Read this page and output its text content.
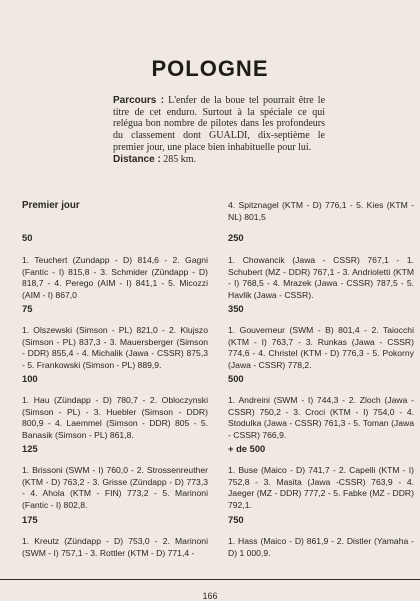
POLOGNE
Parcours : L'enfer de la boue tel pourrait être le titre de cet enduro. Surtout à la spéciale ce qui relégua bon nombre de pilotes dans les profondeurs du classement dont GUALDI, dix-septième le premier jour, une place bien inhabituelle pour lui.
Distance : 285 km.
Premier jour
50
1. Teuchert (Zundapp - D) 814,6 - 2. Gagni (Fantic - I) 815,8 - 3. Schmider (Zündapp - D) 818,7 - 4. Perego (AIM - I) 841,1 - 5. Micozzi (AIM - I) 867,0
75
1. Olszewski (Simson - PL) 821,0 - 2. Klujszo (Simson - PL) 837,3 - 3. Mauersberger (Simson - DDR) 855,4 - 4. Michalik (Jawa - CSSR) 875,3 - 5. Frankowski (Simson - PL) 889,9.
100
1. Hau (Zündapp - D) 780,7 - 2. Obloczynski (Simson - PL) - 3. Huebler (Simson - DDR) 800,9 - 4. Laemmel (Simson - DDR) 805 - 5. Banasik (Simson - PL) 861,8.
125
1. Brissoni (SWM - I) 760,0 - 2. Strossenreuther (KTM - D) 763,2 - 3. Grisse (Zündapp - D) 773,3 - 4. Ahola (KTM - FIN) 773,2 - 5. Marinoni (Fantic - I) 802,8.
175
1. Kreutz (Zündapp - D) 753,0 - 2. Marinoni (SWM - I) 757,1 - 3. Rottler (KTM - D) 771,4 -
4. Spitznagel (KTM - D) 776,1 - 5. Kies (KTM - NL) 801,5
250
1. Chowancik (Jawa - CSSR) 767,1 - 1. Schubert (MZ - DDR) 767,1 - 3. Andrioletti (KTM - I) 768,5 - 4. Mrazek (Jawa - CSSR) 787,5 - 5. Havlik (Jawa - CSSR).
350
1. Gouverneur (SWM - B) 801,4 - 2. Taiocchi (KTM - I) 763,7 - 3. Runkas (Jawa - CSSR) 774,6 - 4. Christel (KTM - D) 776,3 - 5. Pokorny (Jawa - CSSR) 778,2.
500
1. Andreini (SWM - I) 744,3 - 2. Zloch (Jawa - CSSR) 750,2 - 3. Croci (KTM - I) 754,0 - 4. Stodulka (Jawa - CSSR) 761,3 - 5. Toman (Jawa - CSSR) 766,9.
+ de 500
1. Buse (Maico - D) 741,7 - 2. Capelli (KTM - I) 752,8 - 3. Masita (Jawa -CSSR) 763,9 - 4. Jaeger (MZ - DDR) 777,2 - 5. Fabke (MZ - DDR) 792,1.
750
1. Hass (Maico - D) 861,9 - 2. Distler (Yamaha - D) 1 000,9.
166
